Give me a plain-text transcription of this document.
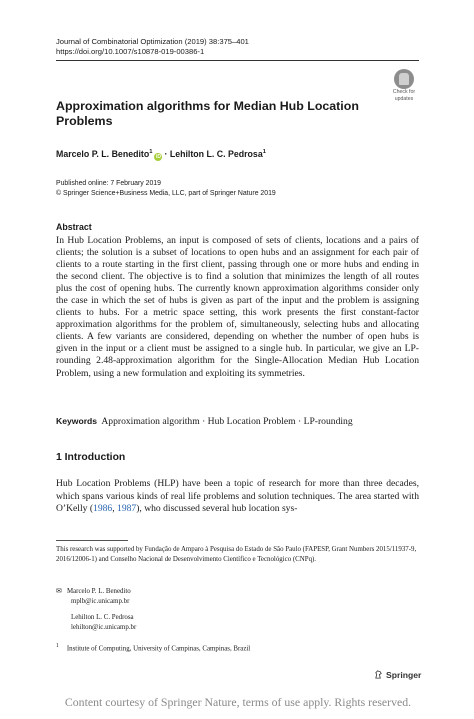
Journal of Combinatorial Optimization (2019) 38:375–401
https://doi.org/10.1007/s10878-019-00386-1
Check for
updates
Approximation algorithms for Median Hub Location Problems
Marcelo P. L. Benedito$^1$iD · Lehilton L. C. Pedrosa$^1$
Published online: 7 February 2019
© Springer Science+Business Media, LLC, part of Springer Nature 2019
Abstract
In Hub Location Problems, an input is composed of sets of clients, locations and a pairs of clients; the solution is a subset of locations to open hubs and an assignment for each pair of clients to a route starting in the first client, passing through one or more hubs and ending in the second client. The objective is to find a solution that minimizes the length of all routes plus the cost of opening hubs. The currently known approximation algorithms consider only the case in which the set of hubs is given as part of the input and the problem is assigning clients to hubs. For a metric space setting, this work presents the first constant-factor approximation algorithms for the problem of, simultaneously, selecting hubs and allocating clients. A few variants are considered, depending on whether the number of open hubs is given in the input or a client must be assigned to a single hub. In particular, we give an LP-rounding 2.48-approximation algorithm for the Single-Allocation Median Hub Location Problem, using a new formulation and exploiting its symmetries.
Keywords Approximation algorithm · Hub Location Problem · LP-rounding
1 Introduction
Hub Location Problems (HLP) have been a topic of research for more than three decades, which spans various kinds of real life problems and solution techniques. The area started with O’Kelly (1986, 1987), who discussed several hub location sys-
This research was supported by Fundação de Amparo à Pesquisa do Estado de São Paulo (FAPESP, Grant Numbers 2015/11937-9, 2016/12006-1) and Conselho Nacional de Desenvolvimento Científico e Tecnológico (CNPq).
✉ Marcelo P. L. Benedito
mplb@ic.unicamp.br
Lehilton L. C. Pedrosa
lehilton@ic.unicamp.br
$^1$ Institute of Computing, University of Campinas, Campinas, Brazil
Springer
Content courtesy of Springer Nature, terms of use apply. Rights reserved.
